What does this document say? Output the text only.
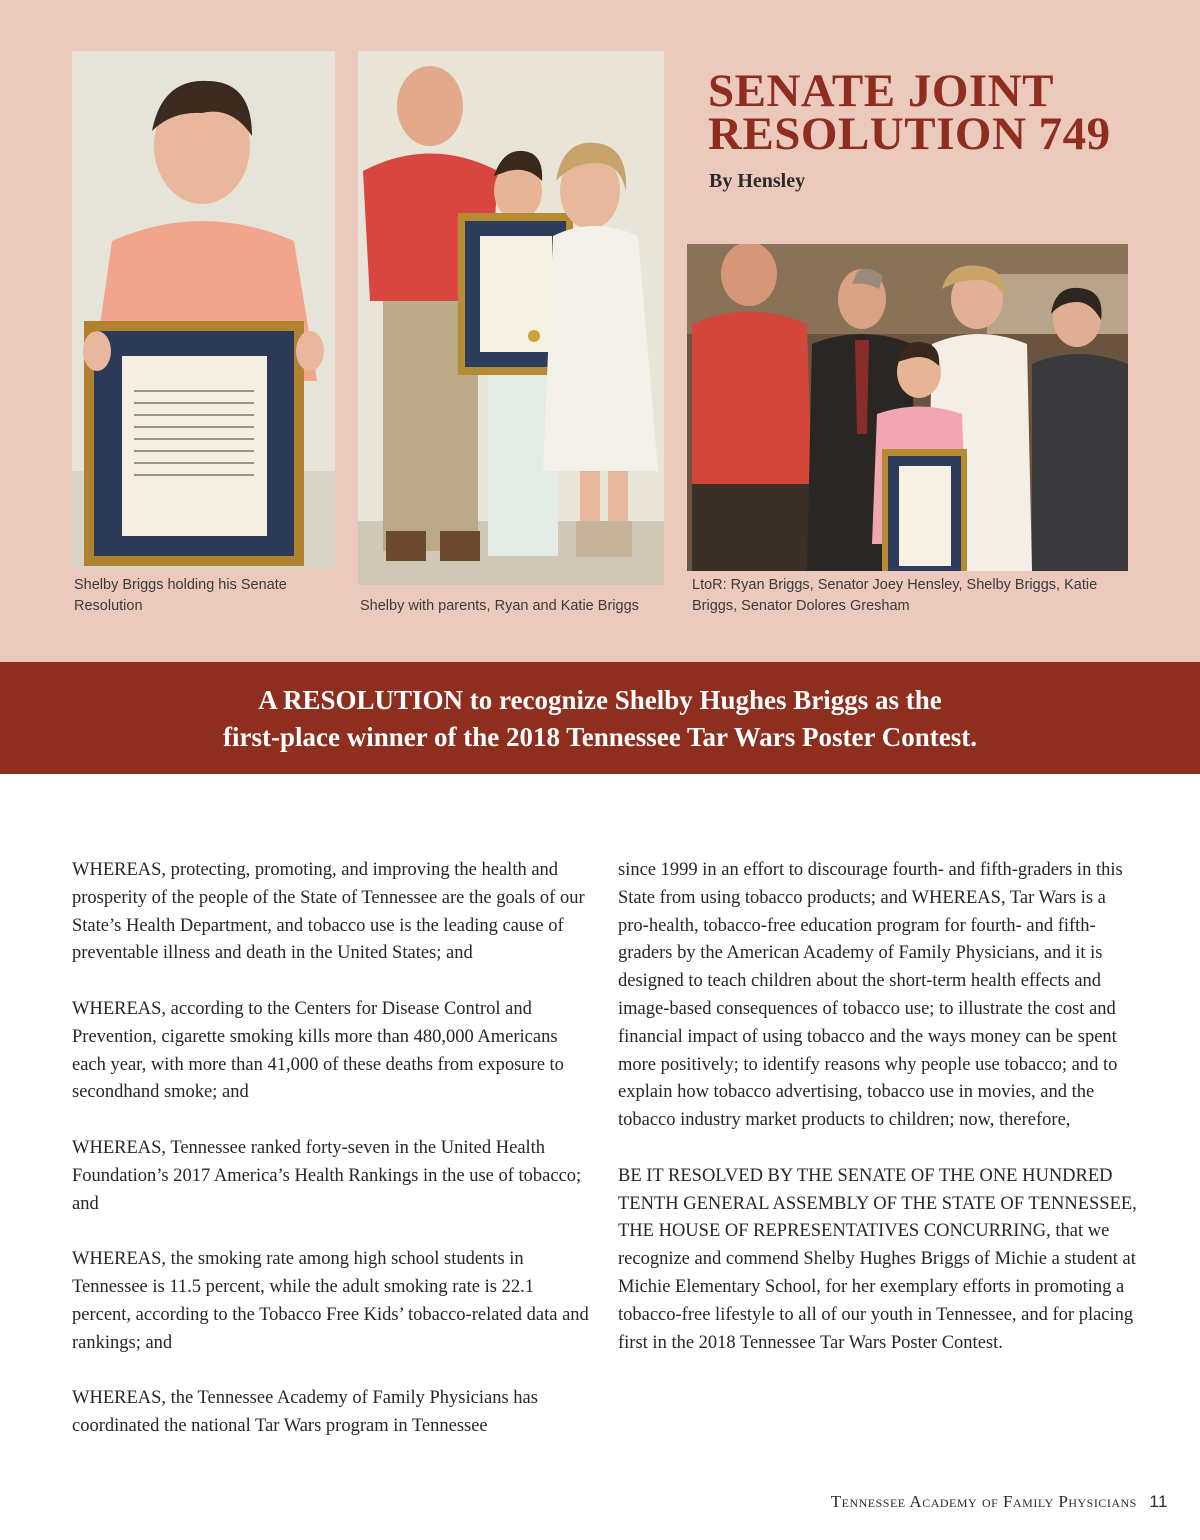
Shelby Briggs holding his Senate Resolution	Shelby with parents, Ryan and Katie Briggs
LtoR: Ryan Briggs, Senator Joey Hensley, Shelby Briggs, Katie Briggs, Senator Dolores Gresham
SENATE JOINT
RESOLUTION 749
By Hensley
A RESOLUTION to recognize Shelby Hughes Briggs as the
first-place winner of the 2018 Tennessee Tar Wars Poster Contest.

WHEREAS, protecting, promoting, and improving the health and prosperity of the people of the State of Tennessee are the goals of our State’s Health Department, and tobacco use is the leading cause of preventable illness and death in the United States; and

WHEREAS, according to the Centers for Disease Control and Prevention, cigarette smoking kills more than 480,000 Americans each year, with more than 41,000 of these deaths from exposure to secondhand smoke; and

WHEREAS, Tennessee ranked forty-seven in the United Health Foundation’s 2017 America’s Health Rankings in the use of tobacco; and

WHEREAS, the smoking rate among high school students in Tennessee is 11.5 percent, while the adult smoking rate is 22.1 percent, according to the Tobacco Free Kids’ tobacco-related data and rankings; and

WHEREAS, the Tennessee Academy of Family Physicians has coordinated the national Tar Wars program in Tennessee

since 1999 in an effort to discourage fourth- and fifth-graders in this State from using tobacco products; and WHEREAS, Tar Wars is a pro-health, tobacco-free education program for fourth- and fifth-graders by the American Academy of Family Physicians, and it is designed to teach children about the short-term health effects and image-based consequences of tobacco use; to illustrate the cost and financial impact of using tobacco and the ways money can be spent more positively; to identify reasons why people use tobacco; and to explain how tobacco advertising, tobacco use in movies, and the tobacco industry market products to children; now, therefore,

BE IT RESOLVED BY THE SENATE OF THE ONE HUNDRED TENTH GENERAL ASSEMBLY OF THE STATE OF TENNESSEE, THE HOUSE OF REPRESENTATIVES CONCURRING, that we recognize and commend Shelby Hughes Briggs of Michie a student at Michie Elementary School, for her exemplary efforts in promoting a tobacco-free lifestyle to all of our youth in Tennessee, and for placing first in the 2018 Tennessee Tar Wars Poster Contest.

Tennessee Academy of Family Physicians 11
